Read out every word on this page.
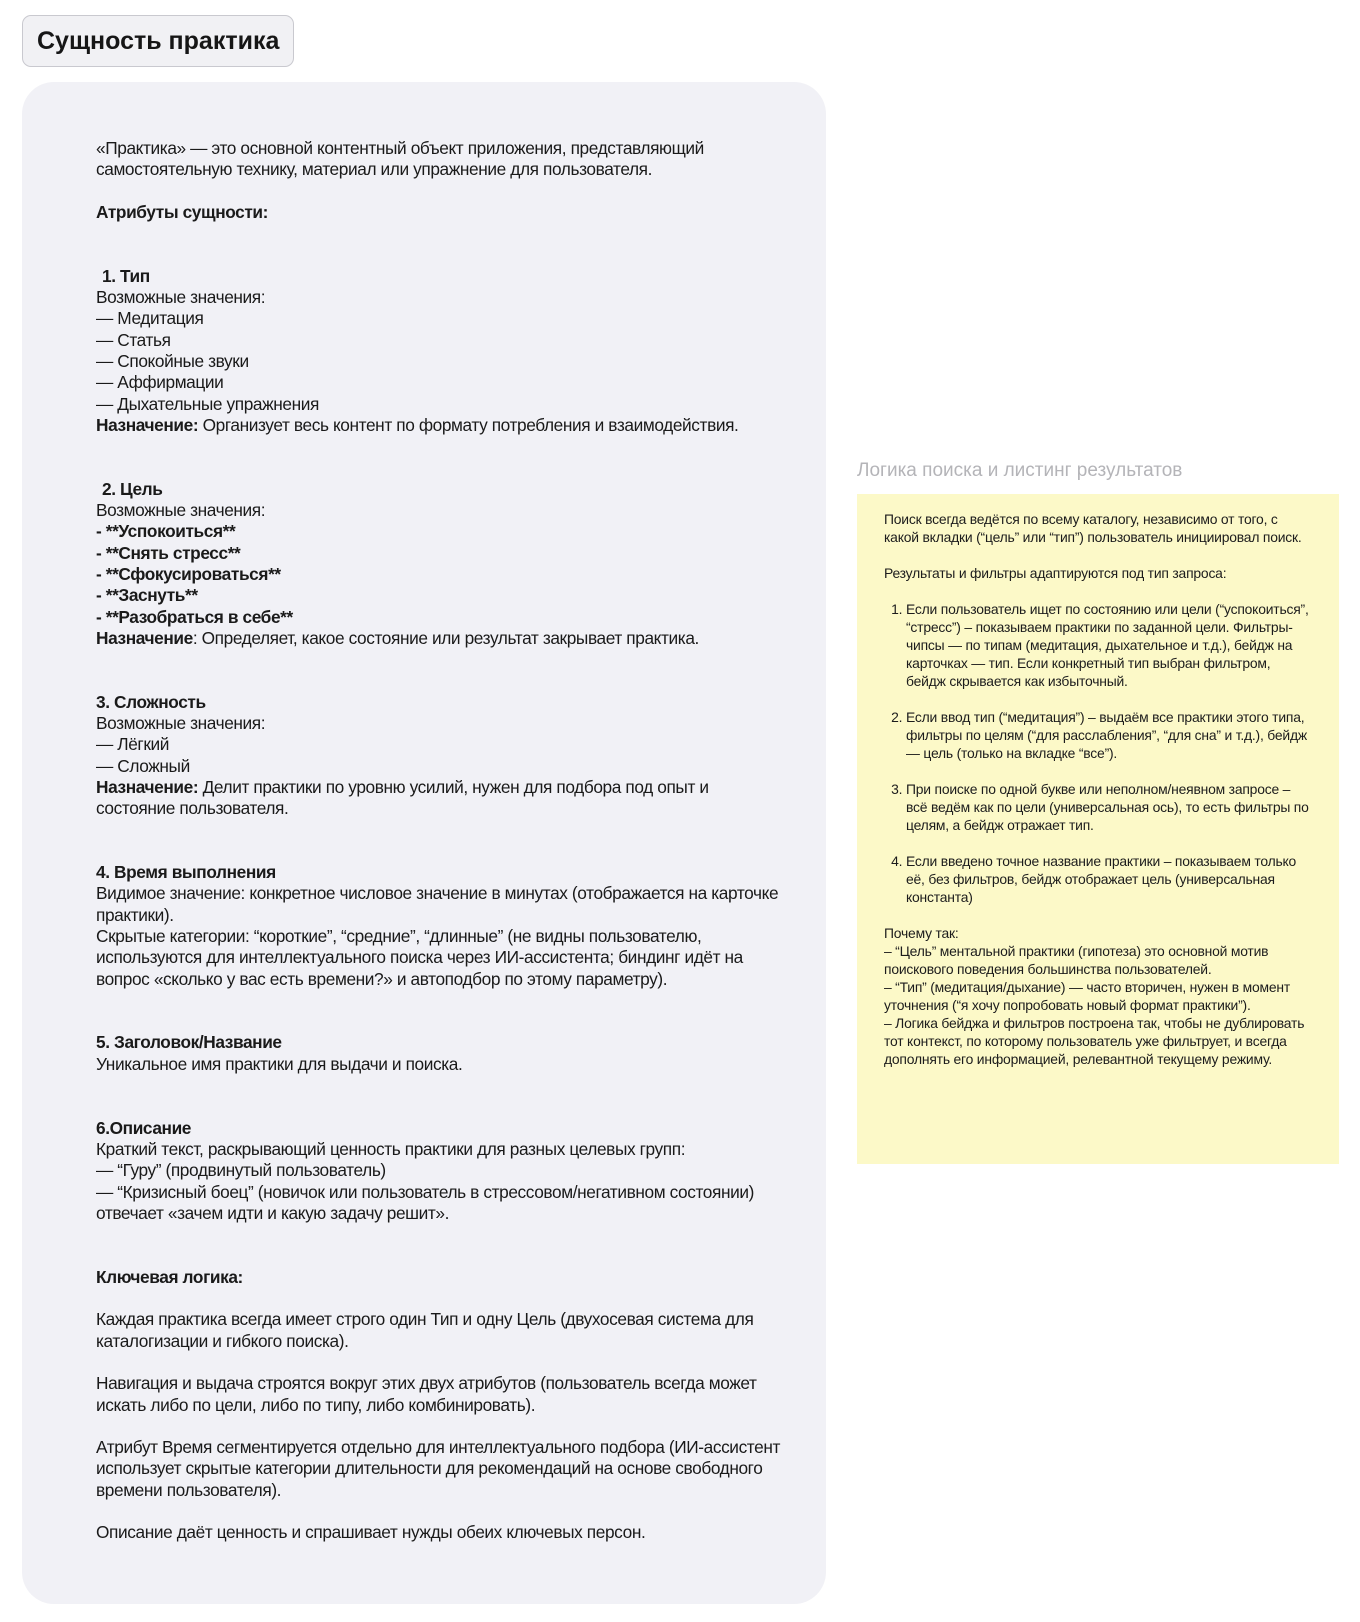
Сущность практика

«Практика» — это основной контентный объект приложения, представляющий самостоятельную технику, материал или упражнение для пользователя.

Атрибуты сущности:

1. Тип

Возможные значения:

— Медитация

— Статья

— Спокойные звуки

— Аффирмации

— Дыхательные упражнения

Назначение: Организует весь контент по формату потребления и взаимодействия.

2. Цель

Возможные значения:

- **Успокоиться**

- **Снять стресс**

- **Сфокусироваться**

- **Заснуть**

- **Разобраться в себе**

Назначение: Определяет, какое состояние или результат закрывает практика.

3. Сложность

Возможные значения:

— Лёгкий

— Сложный

Назначение: Делит практики по уровню усилий, нужен для подбора под опыт и состояние пользователя.

4. Время выполнения

Видимое значение: конкретное числовое значение в минутах (отображается на карточке практики).

Скрытые категории: “короткие”, “средние”, “длинные” (не видны пользователю, используются для интеллектуального поиска через ИИ-ассистента; биндинг идёт на вопрос «сколько у вас есть времени?» и автоподбор по этому параметру).

5. Заголовок/Название

Уникальное имя практики для выдачи и поиска.

6.Описание

Краткий текст, раскрывающий ценность практики для разных целевых групп:

— “Гуру” (продвинутый пользователь)

— “Кризисный боец” (новичок или пользователь в стрессовом/негативном состоянии)

отвечает «зачем идти и какую задачу решит».

Ключевая логика:

Каждая практика всегда имеет строго один Тип и одну Цель (двухосевая система для каталогизации и гибкого поиска).

Навигация и выдача строятся вокруг этих двух атрибутов (пользователь всегда может искать либо по цели, либо по типу, либо комбинировать).

Атрибут Время сегментируется отдельно для интеллектуального подбора (ИИ-ассистент использует скрытые категории длительности для рекомендаций на основе свободного времени пользователя).

Описание даёт ценность и спрашивает нужды обеих ключевых персон.

Логика поиска и листинг результатов

Поиск всегда ведётся по всему каталогу, независимо от того, с какой вкладки (“цель” или “тип”) пользователь инициировал поиск.

Результаты и фильтры адаптируются под тип запроса:

1. Если пользователь ищет по состоянию или цели (“успокоиться”, “стресс”) – показываем практики по заданной цели. Фильтры-чипсы — по типам (медитация, дыхательное и т.д.), бейдж на карточках — тип. Если конкретный тип выбран фильтром, бейдж скрывается как избыточный.
2. Если ввод тип (“медитация”) – выдаём все практики этого типа, фильтры по целям (“для расслабления”, “для сна” и т.д.), бейдж — цель (только на вкладке “все”).
3. При поиске по одной букве или неполном/неявном запросе – всё ведём как по цели (универсальная ось), то есть фильтры по целям, а бейдж отражает тип.
4. Если введено точное название практики – показываем только её, без фильтров, бейдж отображает цель (универсальная константа)

Почему так:

– “Цель” ментальной практики (гипотеза) это основной мотив поискового поведения большинства пользователей.

– “Тип” (медитация/дыхание) — часто вторичен, нужен в момент уточнения (“я хочу попробовать новый формат практики”).

– Логика бейджа и фильтров построена так, чтобы не дублировать тот контекст, по которому пользователь уже фильтрует, и всегда дополнять его информацией, релевантной текущему режиму.
